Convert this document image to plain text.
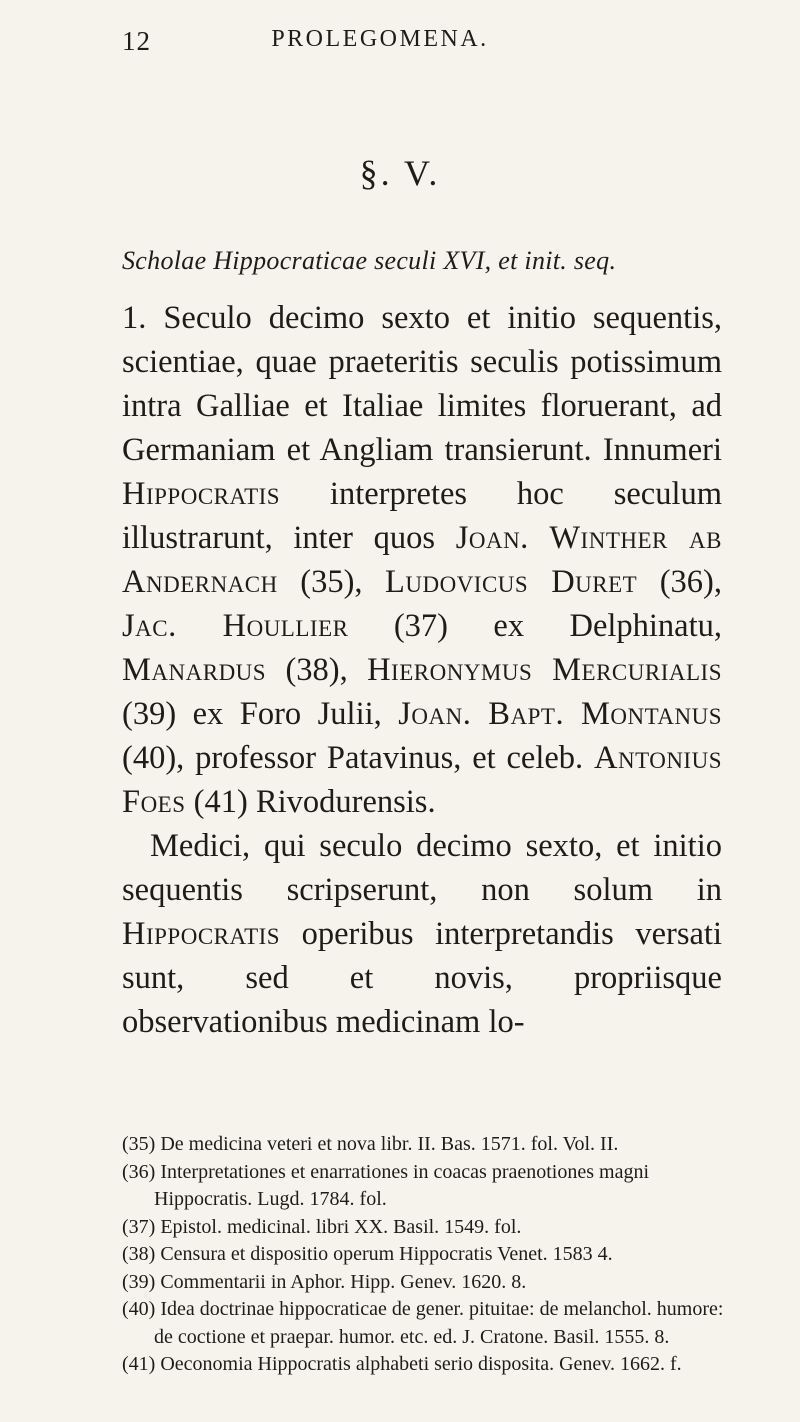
12	PROLEGOMENA.
§. V.
Scholae Hippocraticae seculi XVI, et init. seq.

1. Seculo decimo sexto et initio sequentis, scientiae, quae praeteritis seculis potissimum intra Galliae et Italiae limites floruerant, ad Germaniam et Angliam transierunt. Innumeri Hippocratis interpretes hoc seculum illustrarunt, inter quos Joan. Winther ab Andernach (35), Ludovicus Duret (36), Jac. Houllier (37) ex Delphinatu, Manardus (38), Hieronymus Mercurialis (39) ex Foro Julii, Joan. Bapt. Montanus (40), professor Patavinus, et celeb. Antonius Foes (41) Rivodurensis.

Medici, qui seculo decimo sexto, et initio sequentis scripserunt, non solum in Hippocratis operibus interpretandis versati sunt, sed et novis, propriisque observationibus medicinam lo-

(35) De medicina veteri et nova libr. II. Bas. 1571. fol. Vol. II.

(36) Interpretationes et enarrationes in coacas praenotiones magni Hippocratis. Lugd. 1784. fol.

(37) Epistol. medicinal. libri XX. Basil. 1549. fol.

(38) Censura et dispositio operum Hippocratis Venet. 1583 4.

(39) Commentarii in Aphor. Hipp. Genev. 1620. 8.

(40) Idea doctrinae hippocraticae de gener. pituitae: de melanchol. humore: de coctione et praepar. humor. etc. ed. J. Cratone. Basil. 1555. 8.

(41) Oeconomia Hippocratis alphabeti serio disposita. Genev. 1662. f.
